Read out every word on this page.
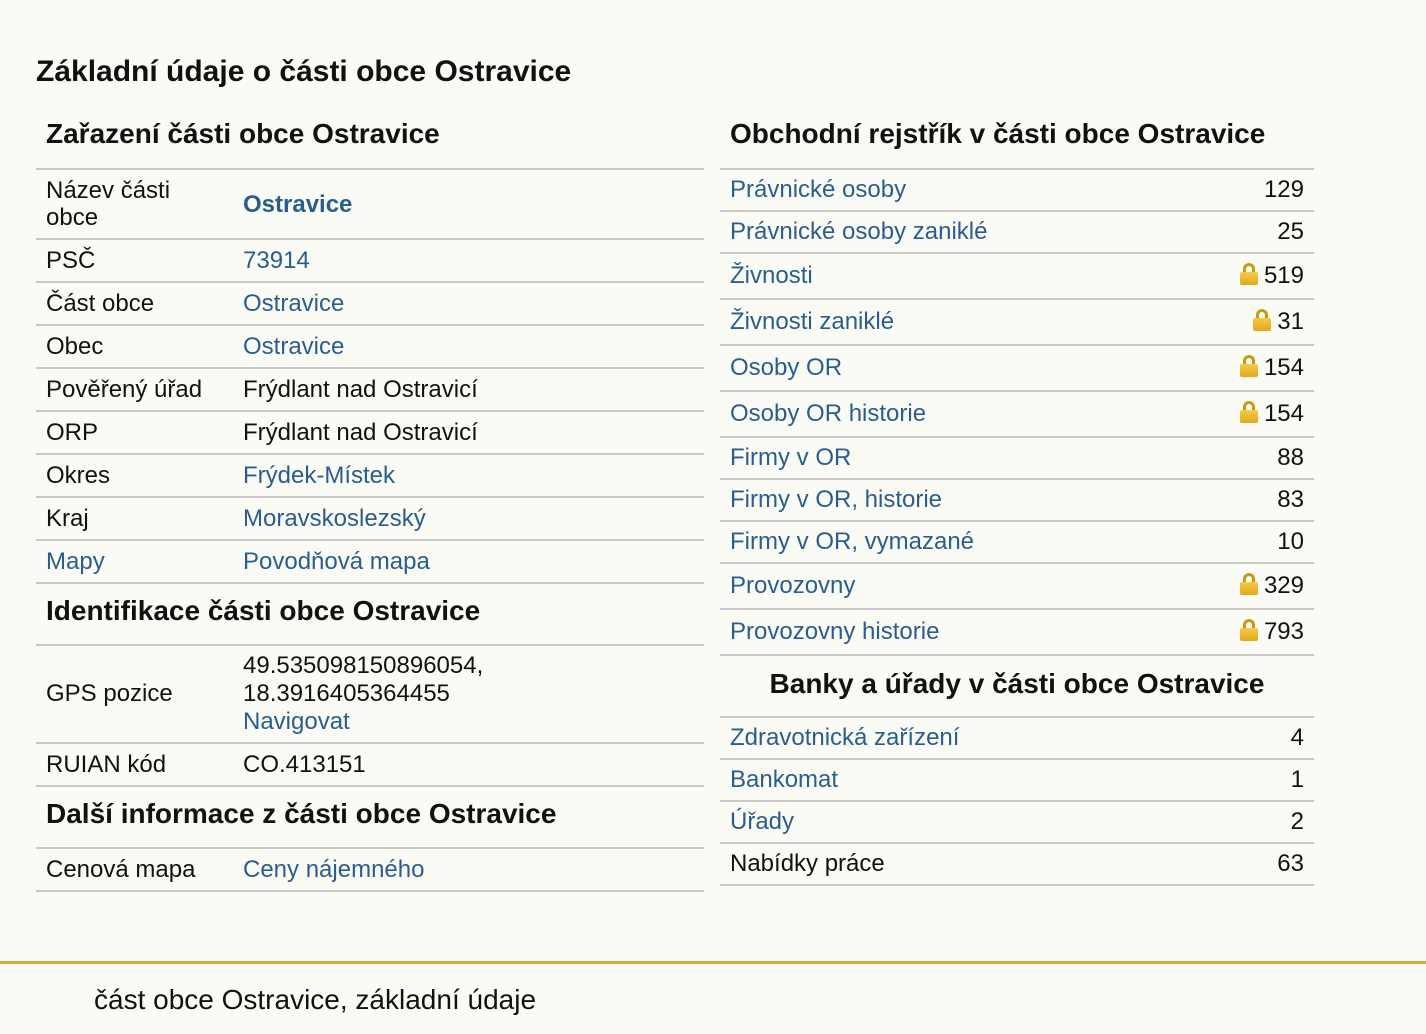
Základní údaje o části obce Ostravice
Zařazení části obce Ostravice
Název části obce	Ostravice
PSČ	73914
Část obce	Ostravice
Obec	Ostravice
Pověřený úřad	Frýdlant nad Ostravicí
ORP	Frýdlant nad Ostravicí
Okres	Frýdek-Místek
Kraj	Moravskoslezský
Mapy	Povodňová mapa
Identifikace části obce Ostravice
GPS pozice	49.535098150896054,
18.3916405364455
Navigovat
RUIAN kód	CO.413151
Další informace z části obce Ostravice
Cenová mapa	Ceny nájemného
Obchodní rejstřík v části obce Ostravice
Právnické osoby	129
Právnické osoby zaniklé	25
Živnosti	519
Živnosti zaniklé	31
Osoby OR	154
Osoby OR historie	154
Firmy v OR	88
Firmy v OR, historie	83
Firmy v OR, vymazané	10
Provozovny	329
Provozovny historie	793
Banky a úřady v části obce Ostravice
Zdravotnická zařízení	4
Bankomat	1
Úřady	2
Nabídky práce	63
část obce Ostravice, základní údaje
